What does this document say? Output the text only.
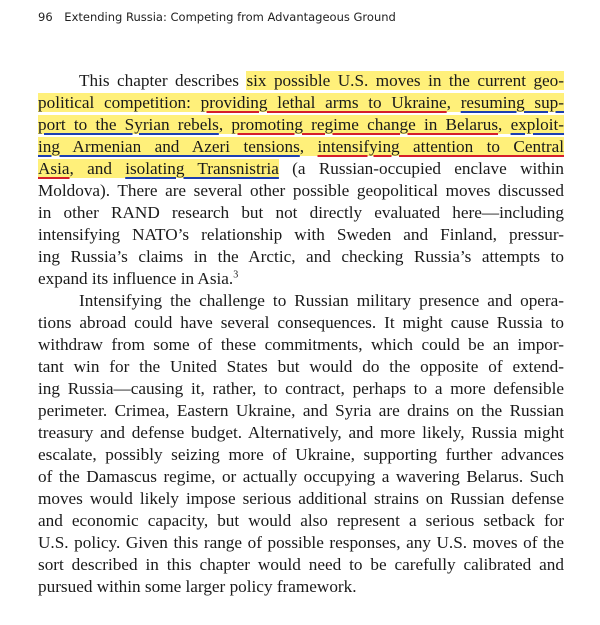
96 Extending Russia: Competing from Advantageous Ground
This chapter describes six possible U.S. moves in the current geo-
political competition: providing lethal arms to Ukraine, resuming sup-
port to the Syrian rebels, promoting regime change in Belarus, exploit-
ing Armenian and Azeri tensions, intensifying attention to Central
Asia, and isolating Transnistria (a Russian-occupied enclave within
Moldova). There are several other possible geopolitical moves discussed
in other RAND research but not directly evaluated here—including
intensifying NATO’s relationship with Sweden and Finland, pressur-
ing Russia’s claims in the Arctic, and checking Russia’s attempts to
expand its influence in Asia.$^3$
Intensifying the challenge to Russian military presence and opera-
tions abroad could have several consequences. It might cause Russia to
withdraw from some of these commitments, which could be an impor-
tant win for the United States but would do the opposite of extend-
ing Russia—causing it, rather, to contract, perhaps to a more defensible
perimeter. Crimea, Eastern Ukraine, and Syria are drains on the Russian
treasury and defense budget. Alternatively, and more likely, Russia might
escalate, possibly seizing more of Ukraine, supporting further advances
of the Damascus regime, or actually occupying a wavering Belarus. Such
moves would likely impose serious additional strains on Russian defense
and economic capacity, but would also represent a serious setback for
U.S. policy. Given this range of possible responses, any U.S. moves of the
sort described in this chapter would need to be carefully calibrated and
pursued within some larger policy framework.
